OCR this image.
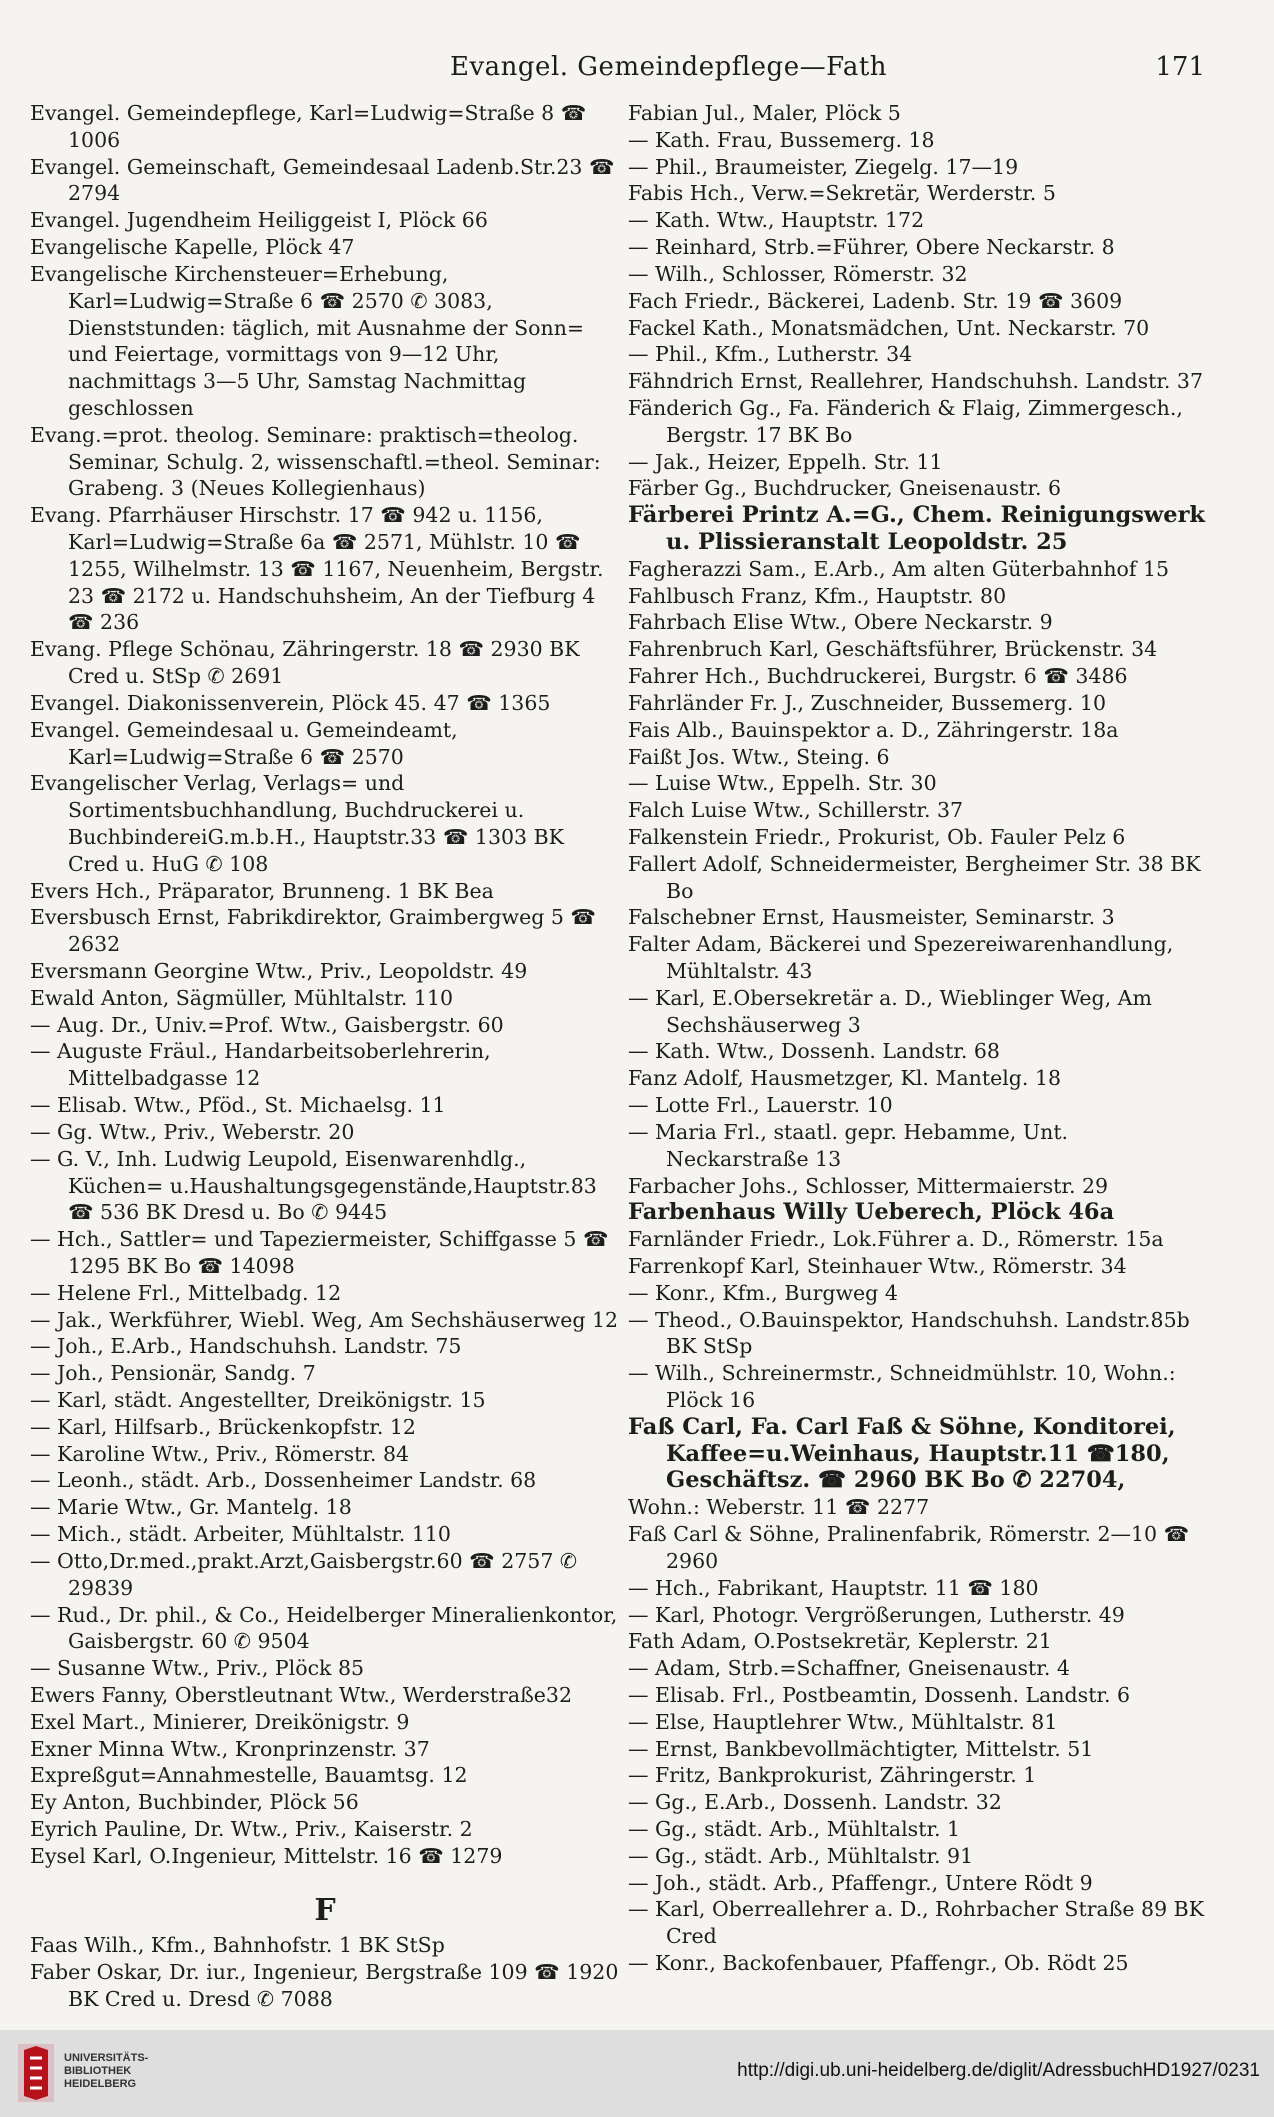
Evangel. Gemeindepflege—Fath	171

Evangel. Gemeindepflege, Karl=Ludwig=Straße 8 ☎ 1006

Evangel. Gemeinschaft, Gemeindesaal Ladenb.Str.23 ☎ 2794

Evangel. Jugendheim Heiliggeist I, Plöck 66

Evangelische Kapelle, Plöck 47

Evangelische Kirchensteuer=Erhebung, Karl=Ludwig=Straße 6 ☎ 2570 ✆ 3083, Dienststunden: täglich, mit Ausnahme der Sonn= und Feiertage, vormittags von 9—12 Uhr, nachmittags 3—5 Uhr, Samstag Nachmittag geschlossen

Evang.=prot. theolog. Seminare: praktisch=theolog. Seminar, Schulg. 2, wissenschaftl.=theol. Seminar: Grabeng. 3 (Neues Kollegienhaus)

Evang. Pfarrhäuser Hirschstr. 17 ☎ 942 u. 1156, Karl=Ludwig=Straße 6a ☎ 2571, Mühlstr. 10 ☎ 1255, Wilhelmstr. 13 ☎ 1167, Neuenheim, Bergstr. 23 ☎ 2172 u. Handschuhsheim, An der Tiefburg 4 ☎ 236

Evang. Pflege Schönau, Zähringerstr. 18 ☎ 2930 BK Cred u. StSp ✆ 2691

Evangel. Diakonissenverein, Plöck 45. 47 ☎ 1365

Evangel. Gemeindesaal u. Gemeindeamt, Karl=Ludwig=Straße 6 ☎ 2570

Evangelischer Verlag, Verlags= und Sortimentsbuchhandlung, Buchdruckerei u. BuchbindereiG.m.b.H., Hauptstr.33 ☎ 1303 BK Cred u. HuG ✆ 108

Evers Hch., Präparator, Brunneng. 1 BK Bea

Eversbusch Ernst, Fabrikdirektor, Graimbergweg 5 ☎ 2632

Eversmann Georgine Wtw., Priv., Leopoldstr. 49

Ewald Anton, Sägmüller, Mühltalstr. 110

— Aug. Dr., Univ.=Prof. Wtw., Gaisbergstr. 60

— Auguste Fräul., Handarbeitsoberlehrerin, Mittelbadgasse 12

— Elisab. Wtw., Pföd., St. Michaelsg. 11

— Gg. Wtw., Priv., Weberstr. 20

— G. V., Inh. Ludwig Leupold, Eisenwarenhdlg., Küchen= u.Haushaltungsgegenstände,Hauptstr.83 ☎ 536 BK Dresd u. Bo ✆ 9445

— Hch., Sattler= und Tapeziermeister, Schiffgasse 5 ☎ 1295 BK Bo ☎ 14098

— Helene Frl., Mittelbadg. 12

— Jak., Werkführer, Wiebl. Weg, Am Sechshäuserweg 12

— Joh., E.Arb., Handschuhsh. Landstr. 75

— Joh., Pensionär, Sandg. 7

— Karl, städt. Angestellter, Dreikönigstr. 15

— Karl, Hilfsarb., Brückenkopfstr. 12

— Karoline Wtw., Priv., Römerstr. 84

— Leonh., städt. Arb., Dossenheimer Landstr. 68

— Marie Wtw., Gr. Mantelg. 18

— Mich., städt. Arbeiter, Mühltalstr. 110

— Otto,Dr.med.,prakt.Arzt,Gaisbergstr.60 ☎ 2757 ✆ 29839

— Rud., Dr. phil., & Co., Heidelberger Mineralienkontor, Gaisbergstr. 60 ✆ 9504

— Susanne Wtw., Priv., Plöck 85

Ewers Fanny, Oberstleutnant Wtw., Werderstraße32

Exel Mart., Minierer, Dreikönigstr. 9

Exner Minna Wtw., Kronprinzenstr. 37

Expreßgut=Annahmestelle, Bauamtsg. 12

Ey Anton, Buchbinder, Plöck 56

Eyrich Pauline, Dr. Wtw., Priv., Kaiserstr. 2

Eysel Karl, O.Ingenieur, Mittelstr. 16 ☎ 1279

F

Faas Wilh., Kfm., Bahnhofstr. 1 BK StSp

Faber Oskar, Dr. iur., Ingenieur, Bergstraße 109 ☎ 1920 BK Cred u. Dresd ✆ 7088

Fabian Jul., Maler, Plöck 5

— Kath. Frau, Bussemerg. 18

— Phil., Braumeister, Ziegelg. 17—19

Fabis Hch., Verw.=Sekretär, Werderstr. 5

— Kath. Wtw., Hauptstr. 172

— Reinhard, Strb.=Führer, Obere Neckarstr. 8

— Wilh., Schlosser, Römerstr. 32

Fach Friedr., Bäckerei, Ladenb. Str. 19 ☎ 3609

Fackel Kath., Monatsmädchen, Unt. Neckarstr. 70

— Phil., Kfm., Lutherstr. 34

Fähndrich Ernst, Reallehrer, Handschuhsh. Landstr. 37

Fänderich Gg., Fa. Fänderich & Flaig, Zimmergesch., Bergstr. 17 BK Bo

— Jak., Heizer, Eppelh. Str. 11

Färber Gg., Buchdrucker, Gneisenaustr. 6

Färberei Printz A.=G., Chem. Reinigungswerk u. Plissieranstalt Leopoldstr. 25

Fagherazzi Sam., E.Arb., Am alten Güterbahnhof 15

Fahlbusch Franz, Kfm., Hauptstr. 80

Fahrbach Elise Wtw., Obere Neckarstr. 9

Fahrenbruch Karl, Geschäftsführer, Brückenstr. 34

Fahrer Hch., Buchdruckerei, Burgstr. 6 ☎ 3486

Fahrländer Fr. J., Zuschneider, Bussemerg. 10

Fais Alb., Bauinspektor a. D., Zähringerstr. 18a

Faißt Jos. Wtw., Steing. 6

— Luise Wtw., Eppelh. Str. 30

Falch Luise Wtw., Schillerstr. 37

Falkenstein Friedr., Prokurist, Ob. Fauler Pelz 6

Fallert Adolf, Schneidermeister, Bergheimer Str. 38 BK Bo

Falschebner Ernst, Hausmeister, Seminarstr. 3

Falter Adam, Bäckerei und Spezereiwarenhandlung, Mühltalstr. 43

— Karl, E.Obersekretär a. D., Wieblinger Weg, Am Sechshäuserweg 3

— Kath. Wtw., Dossenh. Landstr. 68

Fanz Adolf, Hausmetzger, Kl. Mantelg. 18

— Lotte Frl., Lauerstr. 10

— Maria Frl., staatl. gepr. Hebamme, Unt. Neckarstraße 13

Farbacher Johs., Schlosser, Mittermaierstr. 29

Farbenhaus Willy Ueberech, Plöck 46a

Farnländer Friedr., Lok.Führer a. D., Römerstr. 15a

Farrenkopf Karl, Steinhauer Wtw., Römerstr. 34

— Konr., Kfm., Burgweg 4

— Theod., O.Bauinspektor, Handschuhsh. Landstr.85b BK StSp

— Wilh., Schreinermstr., Schneidmühlstr. 10, Wohn.: Plöck 16

Faß Carl, Fa. Carl Faß & Söhne, Konditorei, Kaffee=u.Weinhaus, Hauptstr.11 ☎180, Geschäftsz. ☎ 2960 BK Bo ✆ 22704,

Wohn.: Weberstr. 11 ☎ 2277

Faß Carl & Söhne, Pralinenfabrik, Römerstr. 2—10 ☎ 2960

— Hch., Fabrikant, Hauptstr. 11 ☎ 180

— Karl, Photogr. Vergrößerungen, Lutherstr. 49

Fath Adam, O.Postsekretär, Keplerstr. 21

— Adam, Strb.=Schaffner, Gneisenaustr. 4

— Elisab. Frl., Postbeamtin, Dossenh. Landstr. 6

— Else, Hauptlehrer Wtw., Mühltalstr. 81

— Ernst, Bankbevollmächtigter, Mittelstr. 51

— Fritz, Bankprokurist, Zähringerstr. 1

— Gg., E.Arb., Dossenh. Landstr. 32

— Gg., städt. Arb., Mühltalstr. 1

— Gg., städt. Arb., Mühltalstr. 91

— Joh., städt. Arb., Pfaffengr., Untere Rödt 9

— Karl, Oberreallehrer a. D., Rohrbacher Straße 89 BK Cred

— Konr., Backofenbauer, Pfaffengr., Ob. Rödt 25

UNIVERSITÄTS-
BIBLIOTHEK
HEIDELBERG
http://digi.ub.uni-heidelberg.de/diglit/AdressbuchHD1927/0231
